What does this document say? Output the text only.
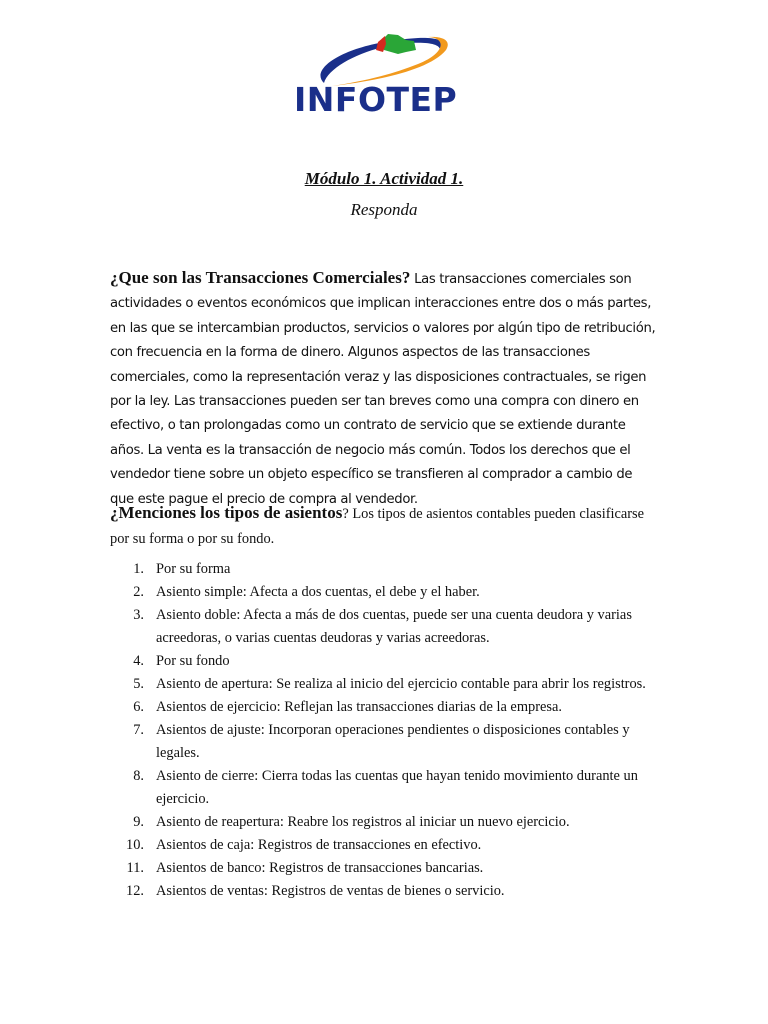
INFOTEP
Módulo 1. Actividad 1.
Responda
¿Que son las Transacciones Comerciales? Las transacciones comerciales son actividades o eventos económicos que implican interacciones entre dos o más partes, en las que se intercambian productos, servicios o valores por algún tipo de retribución, con frecuencia en la forma de dinero. Algunos aspectos de las transacciones comerciales, como la representación veraz y las disposiciones contractuales, se rigen por la ley. Las transacciones pueden ser tan breves como una compra con dinero en efectivo, o tan prolongadas como un contrato de servicio que se extiende durante años. La venta es la transacción de negocio más común. Todos los derechos que el vendedor tiene sobre un objeto específico se transfieren al comprador a cambio de que este pague el precio de compra al vendedor.
¿Menciones los tipos de asientos? Los tipos de asientos contables pueden clasificarse por su forma o por su fondo.
1. Por su forma
2. Asiento simple: Afecta a dos cuentas, el debe y el haber.
3. Asiento doble: Afecta a más de dos cuentas, puede ser una cuenta deudora y varias acreedoras, o varias cuentas deudoras y varias acreedoras.
4. Por su fondo
5. Asiento de apertura: Se realiza al inicio del ejercicio contable para abrir los registros.
6. Asientos de ejercicio: Reflejan las transacciones diarias de la empresa.
7. Asientos de ajuste: Incorporan operaciones pendientes o disposiciones contables y legales.
8. Asiento de cierre: Cierra todas las cuentas que hayan tenido movimiento durante un ejercicio.
9. Asiento de reapertura: Reabre los registros al iniciar un nuevo ejercicio.
10. Asientos de caja: Registros de transacciones en efectivo.
11. Asientos de banco: Registros de transacciones bancarias.
12. Asientos de ventas: Registros de ventas de bienes o servicio.
